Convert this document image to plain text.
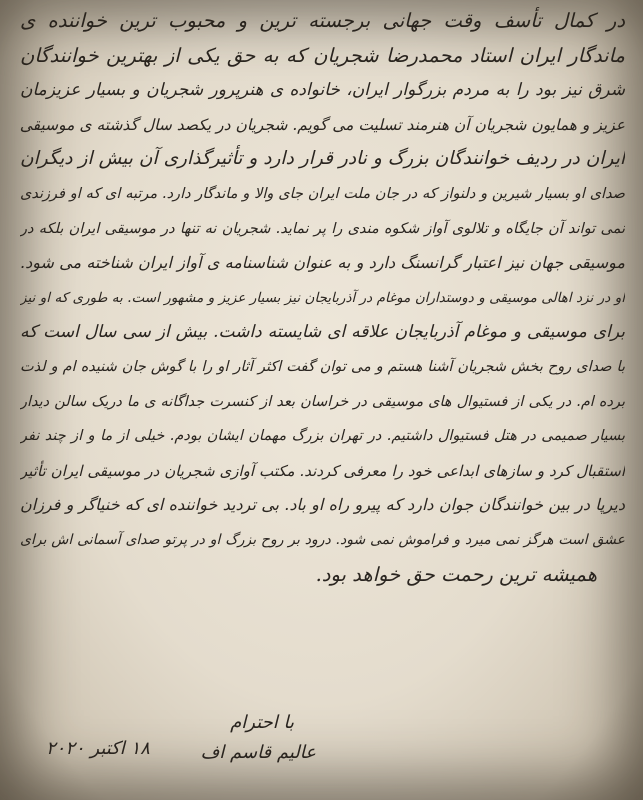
در کمال تأسف وقت جهانی برجسته ترین و محبوب ترین خواننده ی
ماندگار ایران استاد محمدرضا شجریان که به حق یکی از بهترین خوانندگان
شرق نیز بود را به مردم بزرگوار ایران، خانواده ی هنرپرور شجریان و بسیار عزیزمان
عزیز و همایون شجریان آن هنرمند تسلیت می گویم. شجریان در یکصد سال گذشته ی موسیقی
ایران در ردیف خوانندگان بزرگ و نادر قرار دارد و تأثیرگذاری آن بیش از دیگران
صدای او بسیار شیرین و دلنواز که در جان ملت ایران جای والا و ماندگار دارد. مرتبه ای که او فرزندی
نمی تواند آن جایگاه و تلالوی آواز شکوه مندی را پر نماید. شجریان نه تنها در موسیقی ایران بلکه در
موسیقی جهان نیز اعتبار گرانسنگ دارد و به عنوان شناسنامه ی آواز ایران شناخته می شود.
او در نزد اهالی موسیقی و دوستداران موغام در آذربایجان نیز بسیار عزیز و مشهور است. به طوری که او نیز
برای موسیقی و موغام آذربایجان علاقه ای شایسته داشت. بیش از سی سال است که
با صدای روح بخش شجریان آشنا هستم و می توان گفت اکثر آثار او را با گوش جان شنیده ام و لذت
برده ام. در یکی از فستیوال های موسیقی در خراسان بعد از کنسرت جداگانه ی ما دریک سالن دیدار
بسیار صمیمی در هتل فستیوال داشتیم. در تهران بزرگ مهمان ایشان بودم. خیلی از ما و از چند نفر
استقبال کرد و سازهای ابداعی خود را معرفی کردند. مکتب آوازی شجریان در موسیقی ایران تأثیر
دیرپا در بین خوانندگان جوان دارد که پیرو راه او باد. بی تردید خواننده ای که خنیاگر و فرزان
عشق است هرگز نمی میرد و فراموش نمی شود. درود بر روح بزرگ او در پرتو صدای آسمانی اش برای
همیشه ترین رحمت حق خواهد بود.
با احترام
عالیم قاسم اف
۱۸ اکتبر ۲۰۲۰
